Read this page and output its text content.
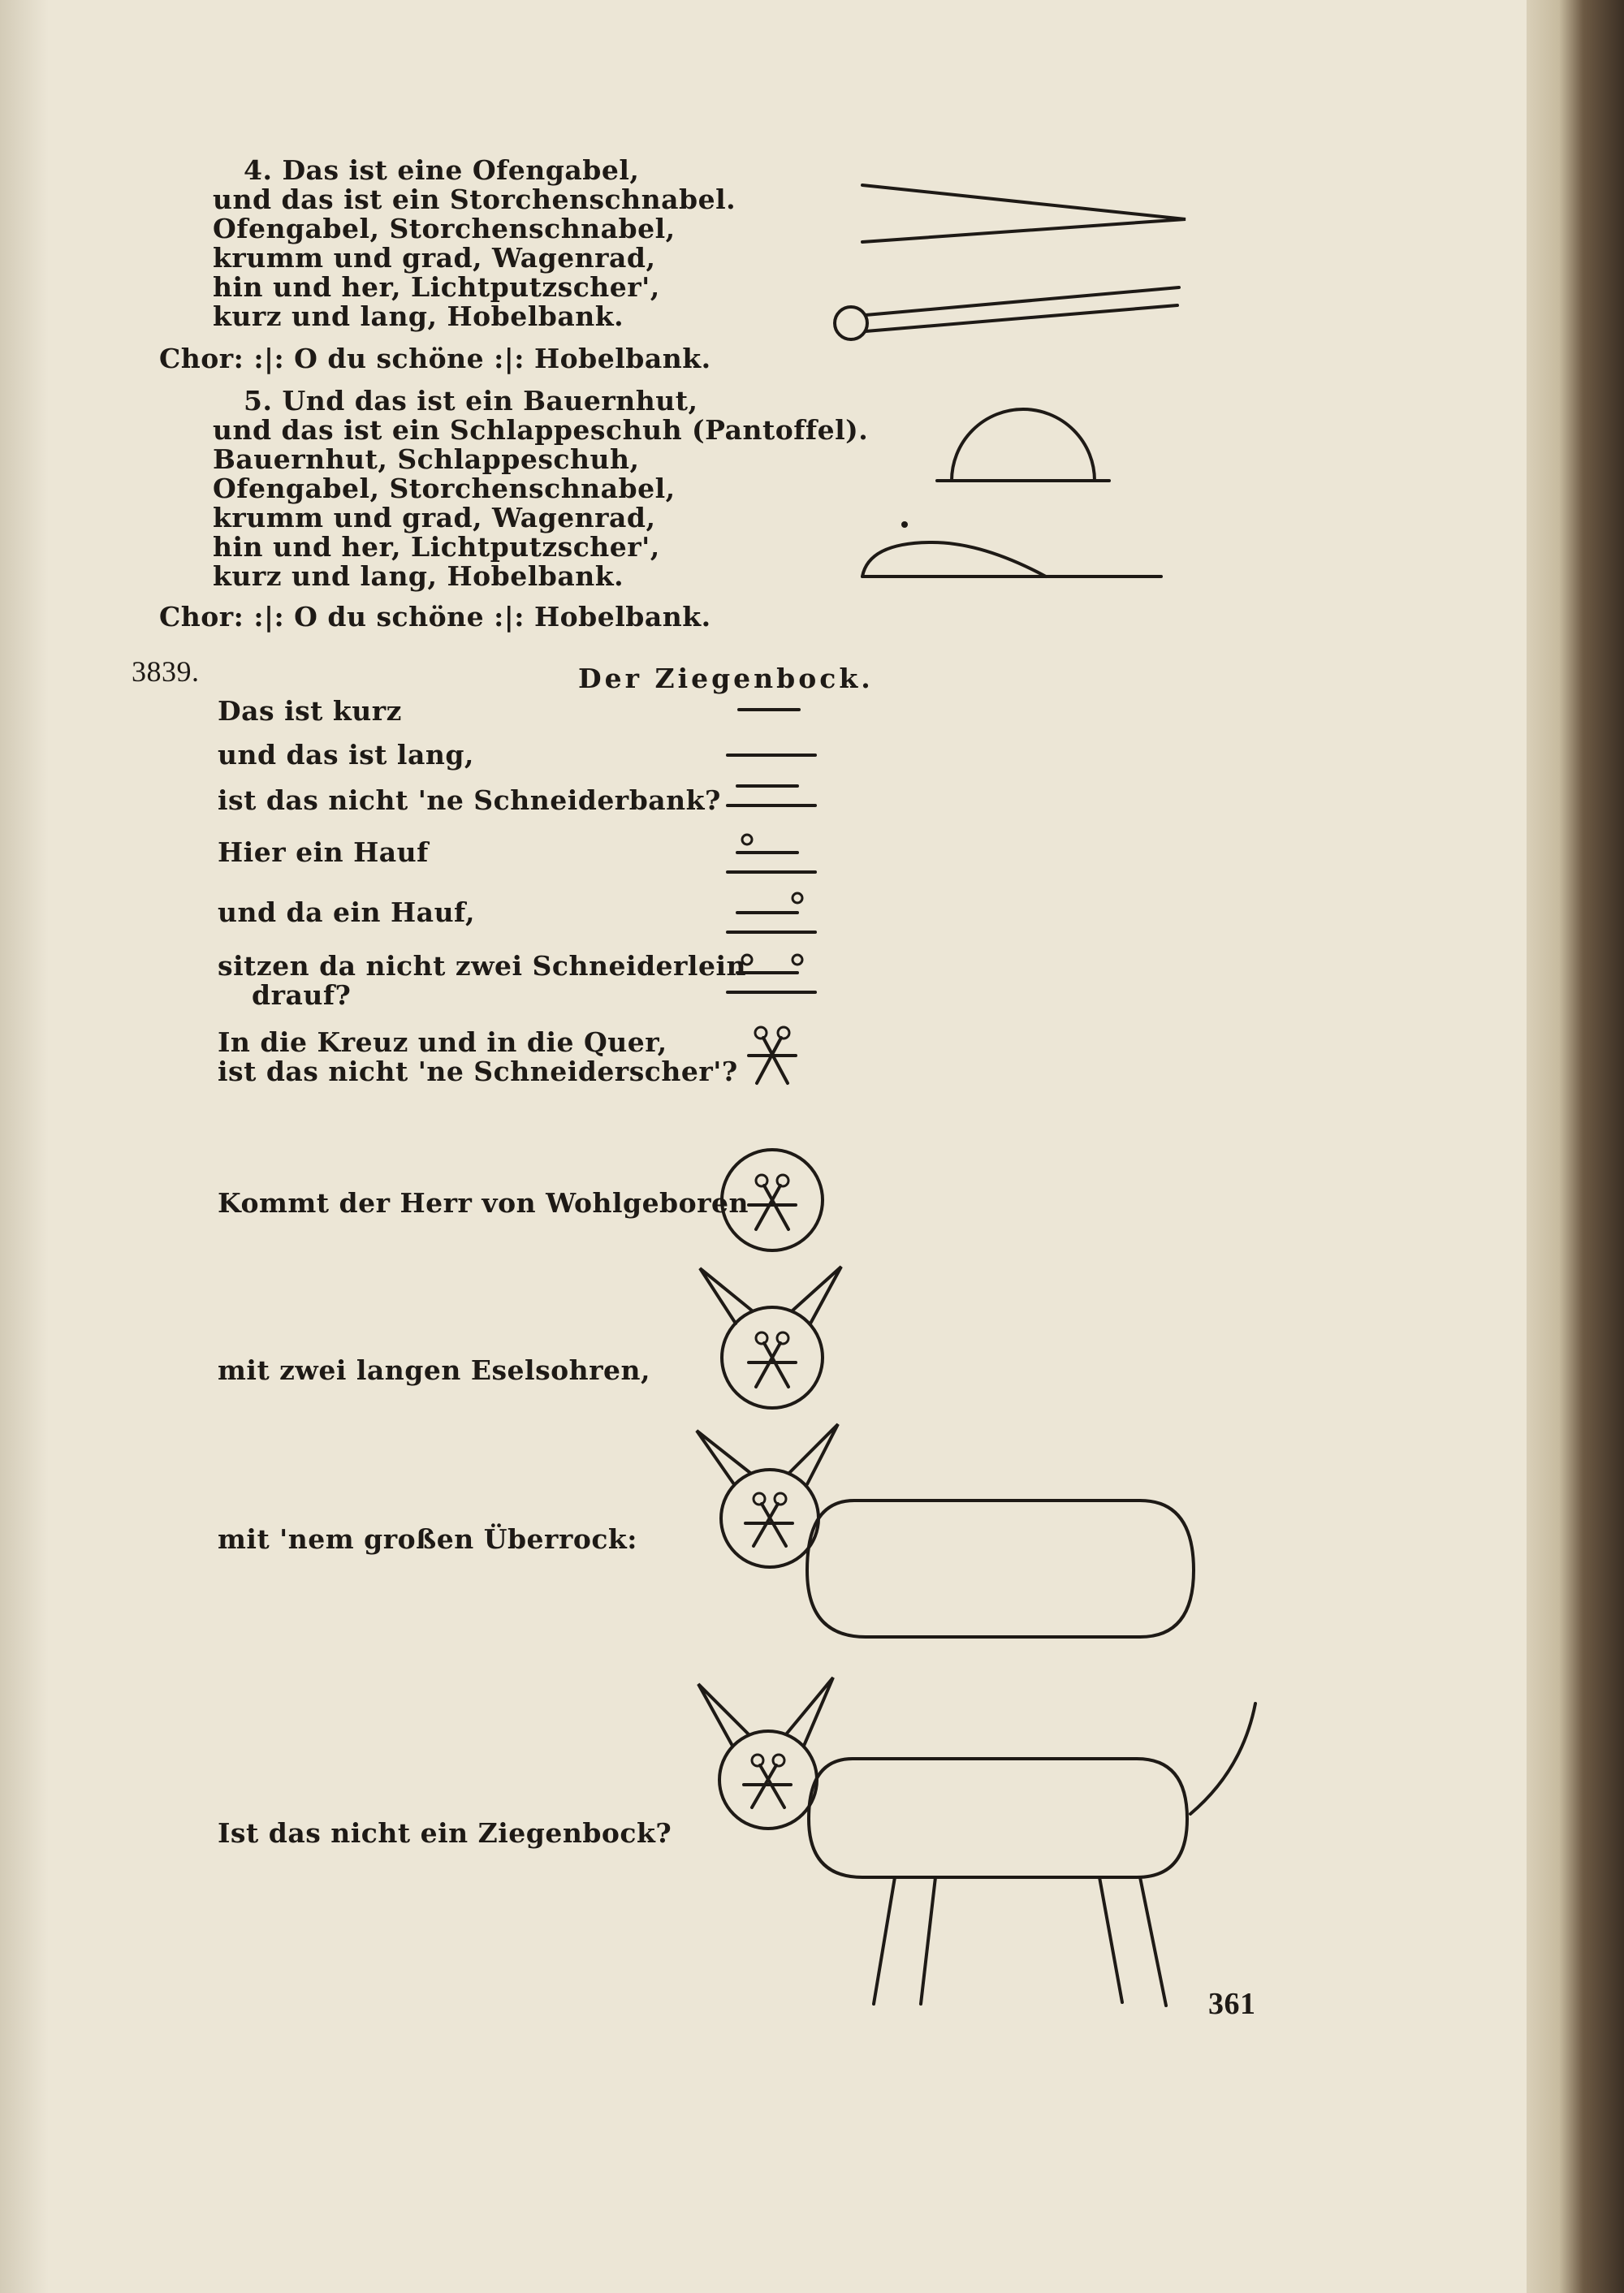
4. Das ist eine Ofengabel,
und das ist ein Storchenschnabel.
Ofengabel, Storchenschnabel,
krumm und grad, Wagenrad,
hin und her, Lichtputzscher',
kurz und lang, Hobelbank.
Chor: :|: O du schöne :|: Hobelbank.
5. Und das ist ein Bauernhut,
und das ist ein Schlappeschuh (Pantoffel).
Bauernhut, Schlappeschuh,
Ofengabel, Storchenschnabel,
krumm und grad, Wagenrad,
hin und her, Lichtputzscher',
kurz und lang, Hobelbank.
Chor: :|: O du schöne :|: Hobelbank.
3839.	Der Ziegenbock.
Das ist kurz
und das ist lang,
ist das nicht 'ne Schneiderbank?
Hier ein Hauf
und da ein Hauf,
sitzen da nicht zwei Schneiderlein
drauf?
In die Kreuz und in die Quer,
ist das nicht 'ne Schneiderscher'?
Kommt der Herr von Wohlgeboren
mit zwei langen Eselsohren,
mit 'nem großen Überrock:
Ist das nicht ein Ziegenbock?
361
